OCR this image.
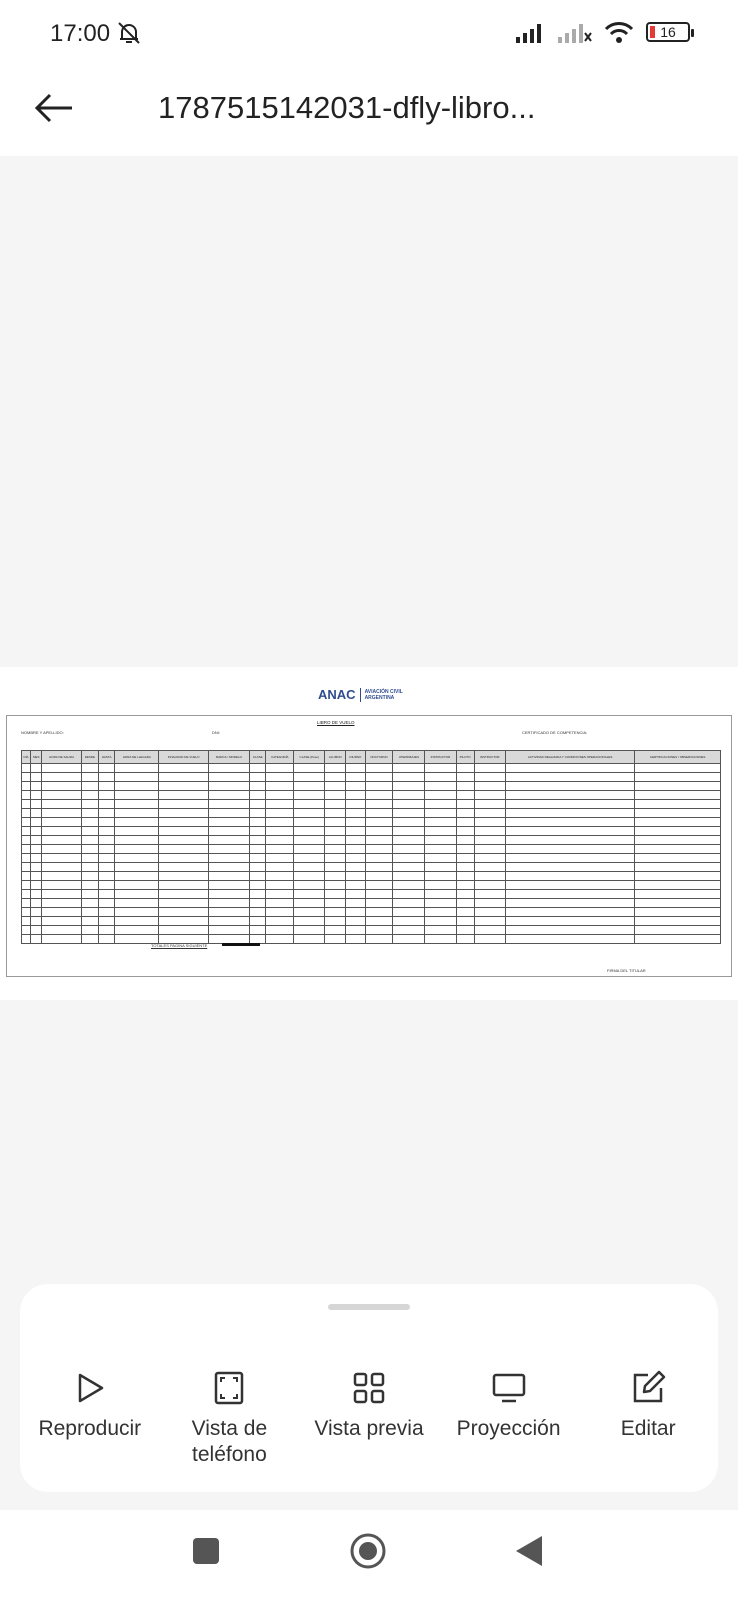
17:00	16
1787515142031-dfly-libro...
ANAC AVIACIÓN CIVIL
ARGENTINA
LIBRO DE VUELO
NOMBRE Y APELLIDO:	DNI:	CERTIFICADO DE COMPETENCIA:
DÍA	MES	HORA DE SALIDA	DESDE	HASTA	HORA DE LLEGADA	FINALIDAD DE VUELO	MARCA / MODELO	CLASE	CATEGORÍA	CLASE (Peso)	ALUMNO	DIURNO	NOCTURNO	ATERRIZAJES	INSTRUCTOR	PILOTO	INSTRUCTOR	ACTIVIDAD REALIZADA Y CONDICIONES OPERACIONALES	CERTIFICACIONES / OBSERVACIONES

TOTALES PAGINA SIGUIENTE
FIRMA DEL TITULAR
Reproducir	Vista de teléfono
Vista previa Proyección	Editar
